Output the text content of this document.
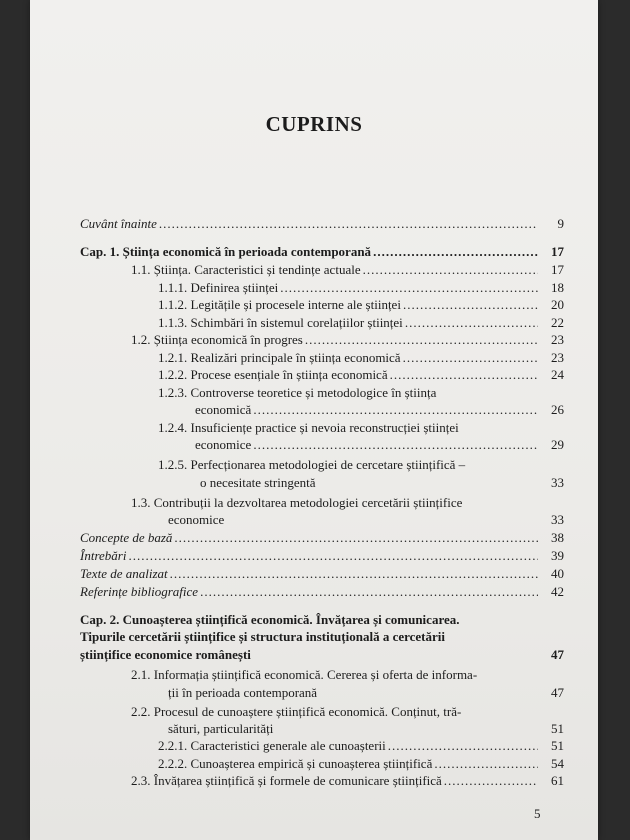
CUPRINS
Cuvânt înainte .....	9
Cap. 1. Știința economică în perioada contemporană .....	17
1.1. Știința. Caracteristici și tendințe actuale .....	17
1.1.1. Definirea științei .....	18
1.1.2. Legitățile și procesele interne ale științei .....	20
1.1.3. Schimbări în sistemul corelațiilor științei .....	22
1.2. Știința economică în progres .....	23
1.2.1. Realizări principale în știința economică .....	23
1.2.2. Procese esențiale în știința economică .....	24
1.2.3. Controverse teoretice și metodologice în știința
economică .....	26
1.2.4. Insuficiențe practice și nevoia reconstrucției științei
economice .....	29
1.2.5. Perfecționarea metodologiei de cercetare științifică –
o necesitate stringentă	33
1.3. Contribuții la dezvoltarea metodologiei cercetării științifice
economice	33
Concepte de bază .....	38
Întrebări .....	39
Texte de analizat .....	40
Referințe bibliografice .....	42
Cap. 2. Cunoașterea științifică economică. Învățarea și comunicarea.
Tipurile cercetării științifice și structura instituțională a cercetării
științifice economice românești	47
2.1. Informația științifică economică. Cererea și oferta de informa-
ții în perioada contemporană	47
2.2. Procesul de cunoaștere științifică economică. Conținut, tră-
sături, particularități	51
2.2.1. Caracteristici generale ale cunoașterii .....	51
2.2.2. Cunoașterea empirică și cunoașterea științifică .....	54
2.3. Învățarea științifică și formele de comunicare științifică .....	61
5
